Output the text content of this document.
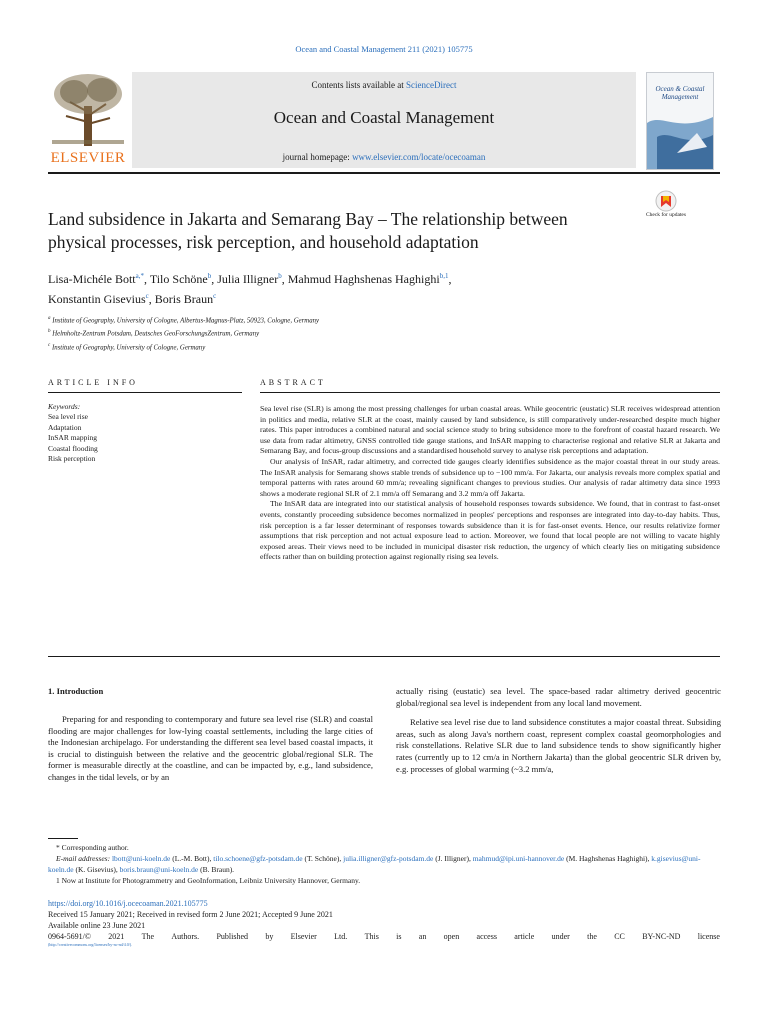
Ocean and Coastal Management 211 (2021) 105775
ELSEVIER
Contents lists available at ScienceDirect
Ocean and Coastal Management
journal homepage: www.elsevier.com/locate/ocecoaman
Ocean & Coastal Management
Land subsidence in Jakarta and Semarang Bay – The relationship between physical processes, risk perception, and household adaptation
Check for updates
Lisa-Michéle Bott$^{a,*}$, Tilo Schöne$^b$, Julia Illigner$^b$, Mahmud Haghshenas Haghighi$^{b,1}$,
Konstantin Gisevius$^c$, Boris Braun$^c$
$^a$ Institute of Geography, University of Cologne, Albertus-Magnus-Platz, 50923, Cologne, Germany
$^b$ Helmholtz-Zentrum Potsdam, Deutsches GeoForschungsZentrum, Germany
$^c$ Institute of Geography, University of Cologne, Germany
ARTICLE INFO	ABSTRACT
Keywords:
Sea level rise
Adaptation
InSAR mapping
Coastal flooding
Risk perception

Sea level rise (SLR) is among the most pressing challenges for urban coastal areas. While geocentric (eustatic) SLR receives widespread attention in politics and media, relative SLR at the coast, mainly caused by land subsidence, is still comparatively under-researched despite much higher rates. This paper introduces a combined natural and social science study to bring subsidence more to the forefront of coastal hazard research. We use data from radar altimetry, GNSS controlled tide gauge stations, and InSAR mapping to characterise regional and relative SLR at Jakarta and Semarang Bay, and focus-group discussions and a standardised household survey to analyse risk perceptions and adaptation.

Our analysis of InSAR, radar altimetry, and corrected tide gauges clearly identifies subsidence as the major coastal threat in our study areas. The InSAR analysis for Semarang shows stable trends of subsidence up to −100 mm/a. For Jakarta, our analysis reveals more complex spatial and temporal patterns with rates around 60 mm/a; revealing significant changes to previous studies. Our analysis of radar altimetry data since 1993 shows a moderate regional SLR of 2.1 mm/a off Semarang and 3.2 mm/a off Jakarta.

The InSAR data are integrated into our statistical analysis of household responses towards subsidence. We found, that in contrast to fast-onset events, constantly proceeding subsidence becomes normalized in peoples' perceptions and responses are integrated into day-to-day habits. Thus, risk perception is a far lesser determinant of responses towards subsidence than it is for fast-onset events. Hence, our results relativize former assumptions that risk perception and not actual exposure lead to action. Moreover, we found that local people are not willing to vacate highly exposed areas. Their views need to be included in municipal disaster risk reduction, the urgency of which clearly lies on mitigating subsidence effects rather than on building protection against regionally rising sea levels.

1. Introduction

Preparing for and responding to contemporary and future sea level rise (SLR) and coastal flooding are major challenges for low-lying coastal settlements, including the large cities of the Indonesian archipelago. For understanding the different sea level based coastal impacts, it is crucial to distinguish between the relative and the geocentric global/regional SLR. The former is measurable directly at the coastline, and can be impacted by, e.g., land subsidence, changes in the tidal levels, or by an

actually rising (eustatic) sea level. The space-based radar altimetry derived geocentric global/regional sea level is independent from any local land movement.

Relative sea level rise due to land subsidence constitutes a major coastal threat. Subsiding areas, such as along Java's northern coast, represent complex coastal geomorphologies and risk constellations. Relative SLR due to land subsidence tends to show significantly higher rates (currently up to 12 cm/a in Northern Jakarta) than the global geocentric SLR driven by, e.g. processes of global warming (~3.2 mm/a,

* Corresponding author.
E-mail addresses: lbott@uni-koeln.de (L.-M. Bott), tilo.schoene@gfz-potsdam.de (T. Schöne), julia.illigner@gfz-potsdam.de (J. Illigner), mahmud@ipi.uni-hannover.de (M. Haghshenas Haghighi), k.gisevius@uni-koeln.de (K. Gisevius), boris.braun@uni-koeln.de (B. Braun).
1 Now at Institute for Photogrammetry and GeoInformation, Leibniz University Hannover, Germany.
https://doi.org/10.1016/j.ocecoaman.2021.105775
Received 15 January 2021; Received in revised form 2 June 2021; Accepted 9 June 2021
Available online 23 June 2021
0964-5691/© 2021 The Authors. Published by Elsevier Ltd. This is an open access article under the CC BY-NC-ND license
(http://creativecommons.org/licenses/by-nc-nd/4.0/).
